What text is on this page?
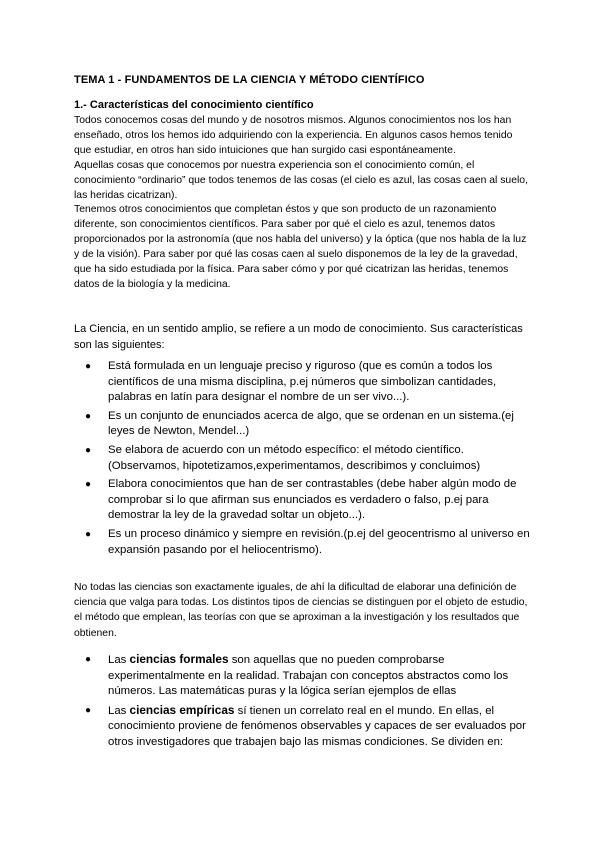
TEMA 1 - FUNDAMENTOS DE LA CIENCIA Y MÉTODO CIENTÍFICO
1.- Características del conocimiento científico

Todos conocemos cosas del mundo y de nosotros mismos. Algunos conocimientos nos los han enseñado, otros los hemos ido adquiriendo con la experiencia. En algunos casos hemos tenido que estudiar, en otros han sido intuiciones que han surgido casi espontáneamente.

Aquellas cosas que conocemos por nuestra experiencia son el conocimiento común, el conocimiento “ordinario” que todos tenemos de las cosas (el cielo es azul, las cosas caen al suelo, las heridas cicatrizan).

Tenemos otros conocimientos que completan éstos y que son producto de un razonamiento diferente, son conocimientos científicos. Para saber por qué el cielo es azul, tenemos datos proporcionados por la astronomía (que nos habla del universo) y la óptica (que nos habla de la luz y de la visión). Para saber por qué las cosas caen al suelo disponemos de la ley de la gravedad, que ha sido estudiada por la física. Para saber cómo y por qué cicatrizan las heridas, tenemos datos de la biología y la medicina.

La Ciencia, en un sentido amplio, se refiere a un modo de conocimiento. Sus características son las siguientes:

● Está formulada en un lenguaje preciso y riguroso (que es común a todos los científicos de una misma disciplina, p.ej números que simbolizan cantidades, palabras en latín para designar el nombre de un ser vivo...).
● Es un conjunto de enunciados acerca de algo, que se ordenan en un sistema.(ej leyes de Newton, Mendel...)
● Se elabora de acuerdo con un método específico: el método científico.(Observamos, hipotetizamos,experimentamos, describimos y concluimos)
● Elabora conocimientos que han de ser contrastables (debe haber algún modo de comprobar si lo que afirman sus enunciados es verdadero o falso, p.ej para demostrar la ley de la gravedad soltar un objeto...).
● Es un proceso dinámico y siempre en revisión.(p.ej del geocentrismo al universo en expansión pasando por el heliocentrismo).

No todas las ciencias son exactamente iguales, de ahí la dificultad de elaborar una definición de ciencia que valga para todas. Los distintos tipos de ciencias se distinguen por el objeto de estudio, el método que emplean, las teorías con que se aproximan a la investigación y los resultados que obtienen.

● Las ciencias formales son aquellas que no pueden comprobarse experimentalmente en la realidad. Trabajan con conceptos abstractos como los números. Las matemáticas puras y la lógica serían ejemplos de ellas
● Las ciencias empíricas sí tienen un correlato real en el mundo. En ellas, el conocimiento proviene de fenómenos observables y capaces de ser evaluados por otros investigadores que trabajen bajo las mismas condiciones. Se dividen en:
